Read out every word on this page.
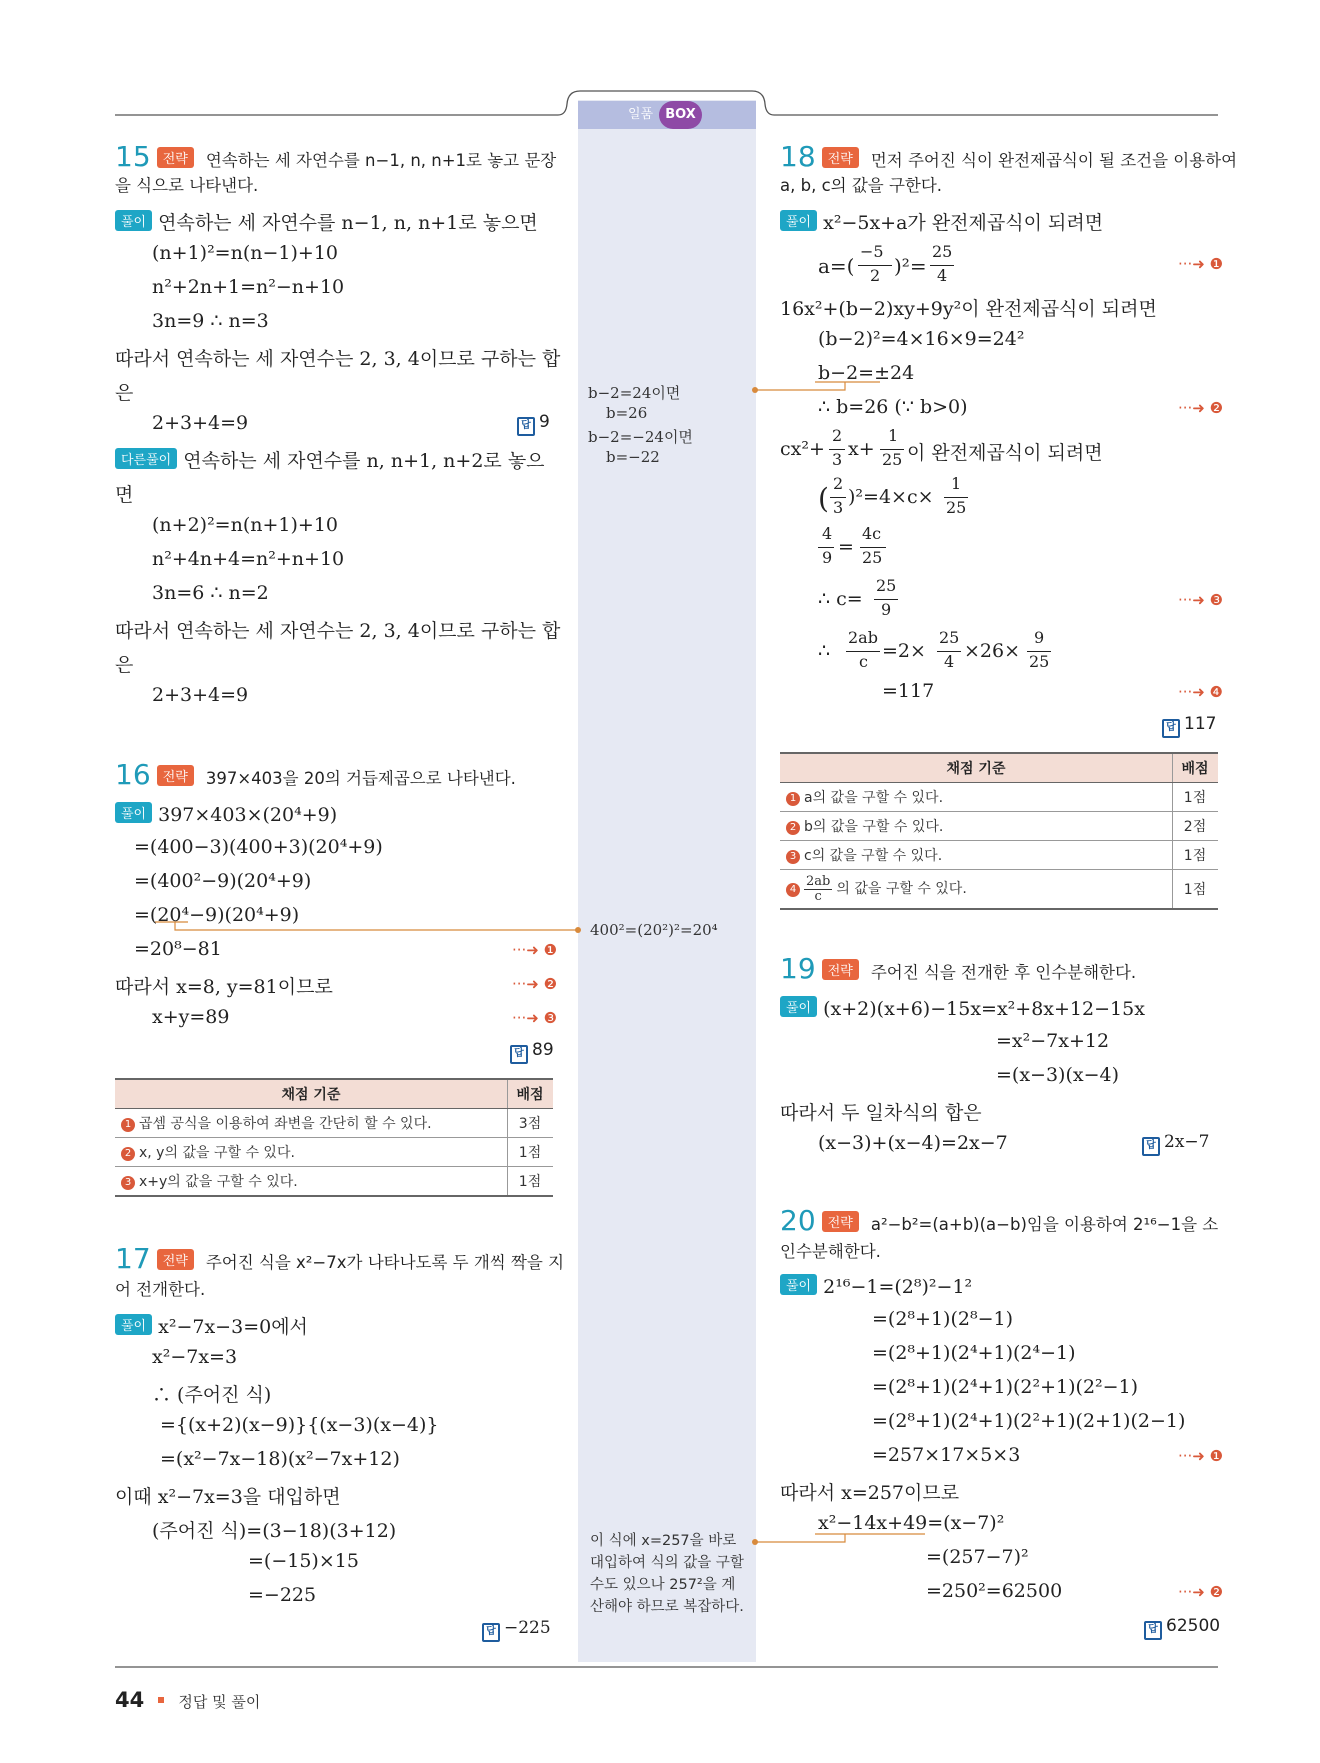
일품 BOX
15 전략 연속하는 세 자연수를 n−1, n, n+1로 놓고 문장
을 식으로 나타낸다.
풀이 연속하는 세 자연수를 n−1, n, n+1로 놓으면
(n+1)²=n(n−1)+10
n²+2n+1=n²−n+10
3n=9 ∴ n=3
따라서 연속하는 세 자연수는 2, 3, 4이므로 구하는 합
은
2+3+4=9	답 9
다른풀이 연속하는 세 자연수를 n, n+1, n+2로 놓으
면
(n+2)²=n(n+1)+10
n²+4n+4=n²+n+10
3n=6 ∴ n=2
따라서 연속하는 세 자연수는 2, 3, 4이므로 구하는 합
은
2+3+4=9
16 전략 397×403을 20의 거듭제곱으로 나타낸다.
풀이 397×403×(20⁴+9)
=(400−3)(400+3)(20⁴+9)
=(400²−9)(20⁴+9)
=(20⁴−9)(20⁴+9)
=20⁸−81	···➜ ❶
따라서 x=8, y=81이므로	···➜ ❷
x+y=89	···➜ ❸
답 89
채점 기준	배점
1 곱셈 공식을 이용하여 좌변을 간단히 할 수 있다.	3점
2 x, y의 값을 구할 수 있다.	1점
3 x+y의 값을 구할 수 있다.	1점
17 전략 주어진 식을 x²−7x가 나타나도록 두 개씩 짝을 지
어 전개한다.
풀이 x²−7x−3=0에서
x²−7x=3
∴ (주어진 식)
={(x+2)(x−9)}{(x−3)(x−4)}
=(x²−7x−18)(x²−7x+12)
이때 x²−7x=3을 대입하면
(주어진 식)=(3−18)(3+12)
=(−15)×15
=−225
답 −225
b−2=24이면
b=26
b−2=−24이면
b=−22
400²=(20²)²=20⁴
이 식에 x=257을 바로 대입하여 식의 값을 구할 수도 있으나 257²을 계산해야 하므로 복잡하다.
18 전략 먼저 주어진 식이 완전제곱식이 될 조건을 이용하여
a, b, c의 값을 구한다.
풀이 x²−5x+a가 완전제곱식이 되려면
a=(
−5
2 )²=
25
4
···➜ ❶
16x²+(b−2)xy+9y²이 완전제곱식이 되려면
(b−2)²=4×16×9=24²
b−2=±24
∴ b=26 (∵ b>0)	···➜ ❷
cx²+
2
3 x+
1
25 이 완전제곱식이 되려면
( 2
3 )²=4×c×
1
25
4
9 =
4c
25
∴ c=
25
9	···➜ ❸
∴
2ab
c =2×
25
4 ×26×
9
25
=117	···➜ ❹
답 117
채점 기준	배점
1 a의 값을 구할 수 있다.	1점
2 b의 값을 구할 수 있다.	2점
3 c의 값을 구할 수 있다.	1점
$4 \frac{2ab}{c}$ 의 값을 구할 수 있다.	1점
19 전략 주어진 식을 전개한 후 인수분해한다.
풀이 (x+2)(x+6)−15x=x²+8x+12−15x
=x²−7x+12
=(x−3)(x−4)
따라서 두 일차식의 합은
(x−3)+(x−4)=2x−7	답 2x−7
20 전략 a²−b²=(a+b)(a−b)임을 이용하여 2¹⁶−1을 소
인수분해한다.
풀이 2¹⁶−1=(2⁸)²−1²
=(2⁸+1)(2⁸−1)
=(2⁸+1)(2⁴+1)(2⁴−1)
=(2⁸+1)(2⁴+1)(2²+1)(2²−1)
=(2⁸+1)(2⁴+1)(2²+1)(2+1)(2−1)
=257×17×5×3	···➜ ❶
따라서 x=257이므로
x²−14x+49=(x−7)²
=(257−7)²
=250²=62500	···➜ ❷
답 62500
44 정답 및 풀이
